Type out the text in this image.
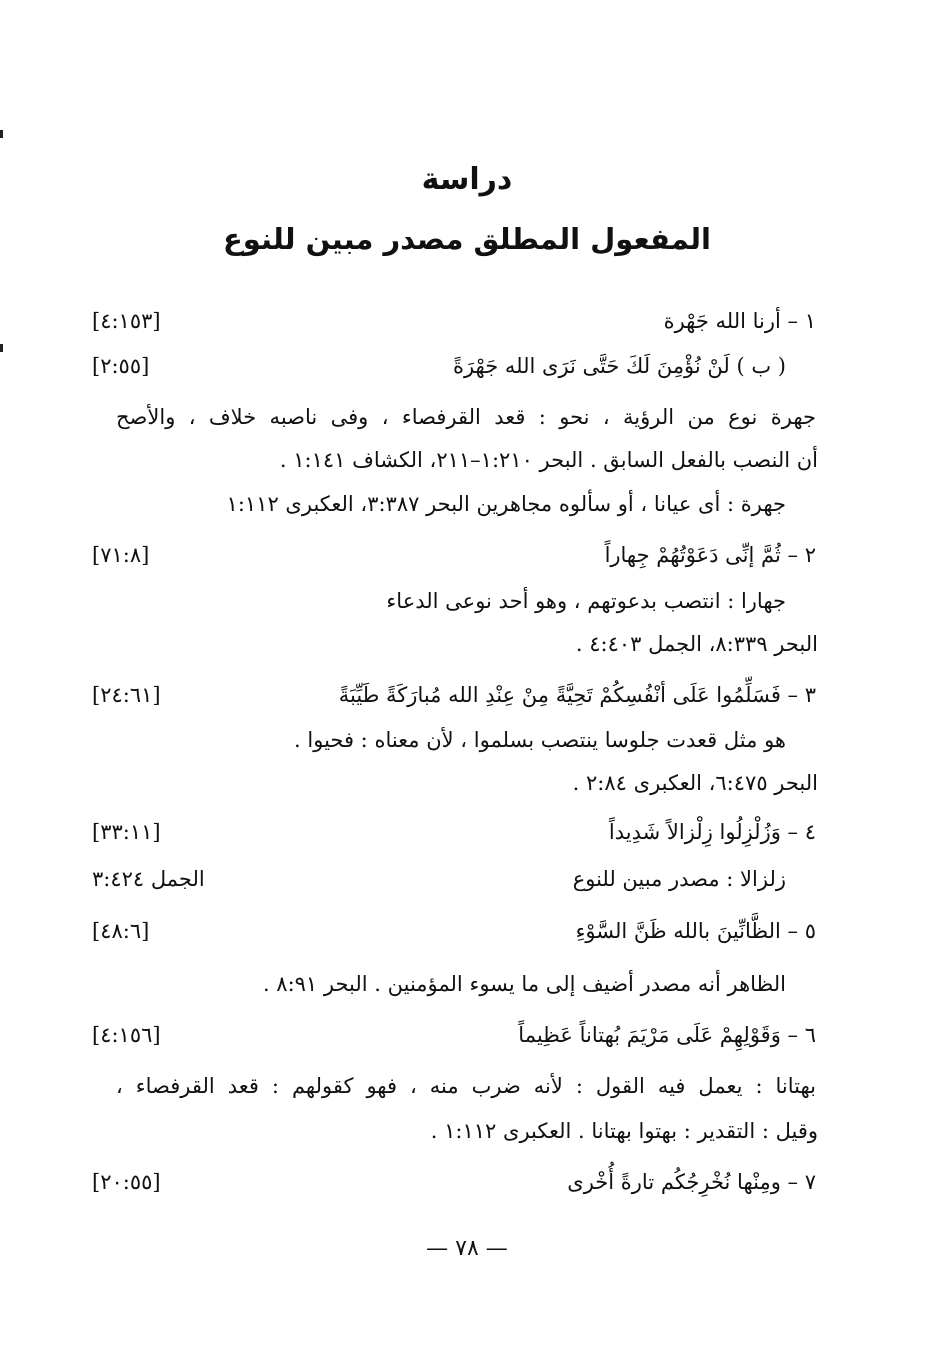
دراسة
المفعول المطلق مصدر مبين للنوع

١ – أرنا الله جَهْرة

[٤:١٥٣]

( ب ) لَنْ نُؤْمِنَ لَكَ حَتَّى نَرَى الله جَهْرَةً

[٢:٥٥]

جهرة نوع من الرؤية ، نحو : قعد القرفصاء ، وفى ناصبه خلاف ، والأصح

أن النصب بالفعل السابق . البحر ١:٢١٠–٢١١، الكشاف ١:١٤١ .

جهرة : أى عيانا ، أو سألوه مجاهرين البحر ٣:٣٨٧، العكبرى ١:١١٢

٢ – ثُمَّ إنِّى دَعَوْتُهُمْ جِهاراً

[٧١:٨]

جهارا : انتصب بدعوتهم ، وهو أحد نوعى الدعاء

البحر ٨:٣٣٩، الجمل ٤:٤٠٣ .

٣ – فَسَلِّمُوا عَلَى أنْفُسِكُمْ تَحِيَّةً مِنْ عِنْدِ الله مُبارَكَةً طَيِّبَةً

[٢٤:٦١]

هو مثل قعدت جلوسا ينتصب بسلموا ، لأن معناه : فحيوا .

البحر ٦:٤٧٥، العكبرى ٢:٨٤ .

٤ – وَزُلْزِلُوا زِلْزالاً شَدِيداً

[٣٣:١١]

زلزالا : مصدر مبين للنوع

الجمل ٣:٤٢٤

٥ – الظَّانِّينَ بالله ظَنَّ السَّوْءِ

[٤٨:٦]

الظاهر أنه مصدر أضيف إلى ما يسوء المؤمنين . البحر ٨:٩١ .

٦ – وَقَوْلِهِمْ عَلَى مَرْيَمَ بُهتاناً عَظِيماً

[٤:١٥٦]

بهتانا : يعمل فيه القول : لأنه ضرب منه ، فهو كقولهم : قعد القرفصاء ،

وقيل : التقدير : بهتوا بهتانا . العكبرى ١:١١٢ .

٧ – ومِنْها نُخْرِجُكُم تارةً أُخْرى

[٢٠:٥٥]

— ٧٨ —
